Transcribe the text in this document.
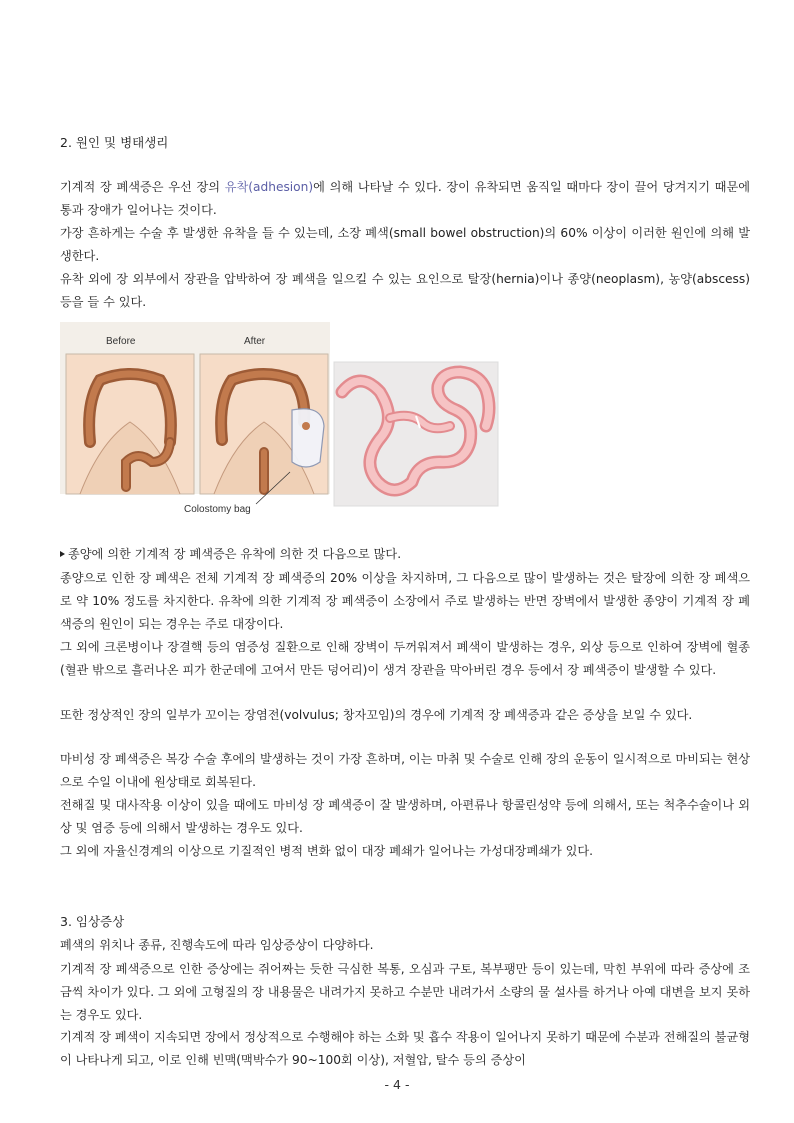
2. 원인 및 병태생리
기계적 장 폐색증은 우선 장의 유착(adhesion)에 의해 나타날 수 있다. 장이 유착되면 움직일 때마다 장이 끌어 당겨지기 때문에 통과 장애가 일어나는 것이다.
가장 흔하게는 수술 후 발생한 유착을 들 수 있는데, 소장 폐색(small bowel obstruction)의 60% 이상이 이러한 원인에 의해 발생한다.
유착 외에 장 외부에서 장관을 압박하여 장 폐색을 일으킬 수 있는 요인으로 탈장(hernia)이나 종양(neoplasm), 농양(abscess) 등을 들 수 있다.
Before	After
Colostomy bag
종양에 의한 기계적 장 폐색증은 유착에 의한 것 다음으로 많다.
종양으로 인한 장 폐색은 전체 기계적 장 폐색증의 20% 이상을 차지하며, 그 다음으로 많이 발생하는 것은 탈장에 의한 장 폐색으로 약 10% 정도를 차지한다. 유착에 의한 기계적 장 폐색증이 소장에서 주로 발생하는 반면 장벽에서 발생한 종양이 기계적 장 폐색증의 원인이 되는 경우는 주로 대장이다.
그 외에 크론병이나 장결핵 등의 염증성 질환으로 인해 장벽이 두꺼워져서 폐색이 발생하는 경우, 외상 등으로 인하여 장벽에 혈종(혈관 밖으로 흘러나온 피가 한군데에 고여서 만든 덩어리)이 생겨 장관을 막아버린 경우 등에서 장 폐색증이 발생할 수 있다.
또한 정상적인 장의 일부가 꼬이는 장염전(volvulus; 창자꼬임)의 경우에 기계적 장 폐색증과 같은 증상을 보일 수 있다.
마비성 장 폐색증은 복강 수술 후에의 발생하는 것이 가장 흔하며, 이는 마취 및 수술로 인해 장의 운동이 일시적으로 마비되는 현상으로 수일 이내에 원상태로 회복된다.
전해질 및 대사작용 이상이 있을 때에도 마비성 장 폐색증이 잘 발생하며, 아편류나 항콜린성약 등에 의해서, 또는 척추수술이나 외상 및 염증 등에 의해서 발생하는 경우도 있다.
그 외에 자율신경계의 이상으로 기질적인 병적 변화 없이 대장 폐쇄가 일어나는 가성대장폐쇄가 있다.
3. 임상증상
폐색의 위치나 종류, 진행속도에 따라 임상증상이 다양하다.
기계적 장 폐색증으로 인한 증상에는 쥐어짜는 듯한 극심한 복통, 오심과 구토, 복부팽만 등이 있는데, 막힌 부위에 따라 증상에 조금씩 차이가 있다. 그 외에 고형질의 장 내용물은 내려가지 못하고 수분만 내려가서 소량의 물 설사를 하거나 아예 대변을 보지 못하는 경우도 있다.
기계적 장 폐색이 지속되면 장에서 정상적으로 수행해야 하는 소화 및 흡수 작용이 일어나지 못하기 때문에 수분과 전해질의 불균형이 나타나게 되고, 이로 인해 빈맥(맥박수가 90~100회 이상), 저혈압, 탈수 등의 증상이
- 4 -
